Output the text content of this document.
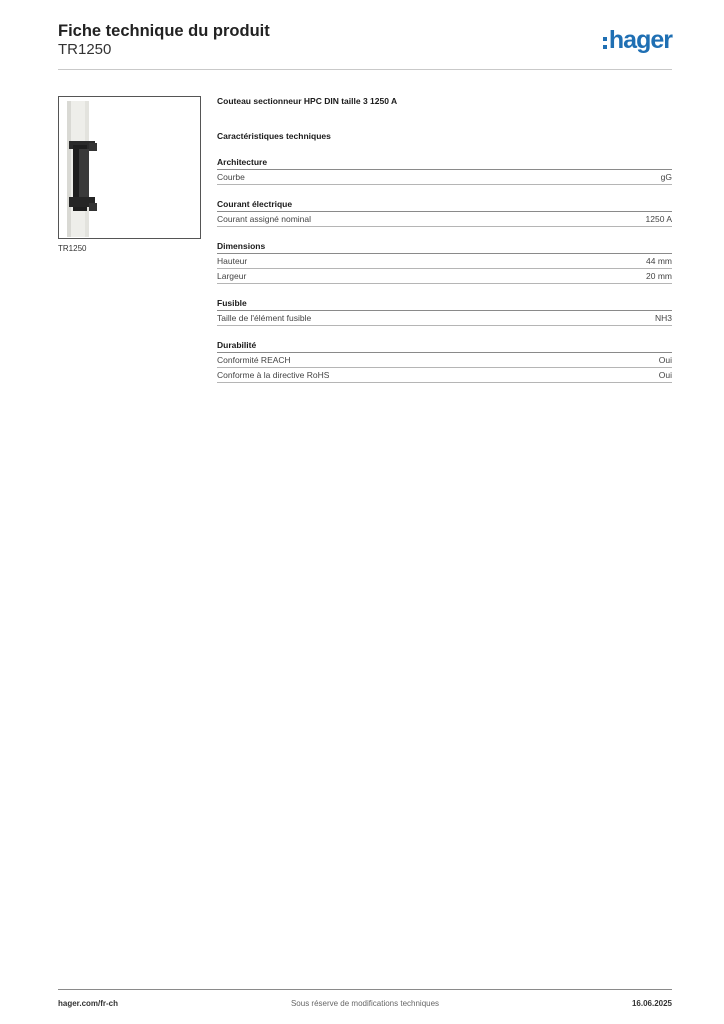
Fiche technique du produit
TR1250	hager
TR1250
Couteau sectionneur HPC DIN taille 3 1250 A
Caractéristiques techniques
Architecture
Courbe	gG
Courant électrique
Courant assigné nominal	1250 A
Dimensions
Hauteur	44 mm
Largeur	20 mm
Fusible
Taille de l'élément fusible	NH3
Durabilité
Conformité REACH	Oui
Conforme à la directive RoHS	Oui
hager.com/fr-ch	Sous réserve de modifications techniques	16.06.2025
